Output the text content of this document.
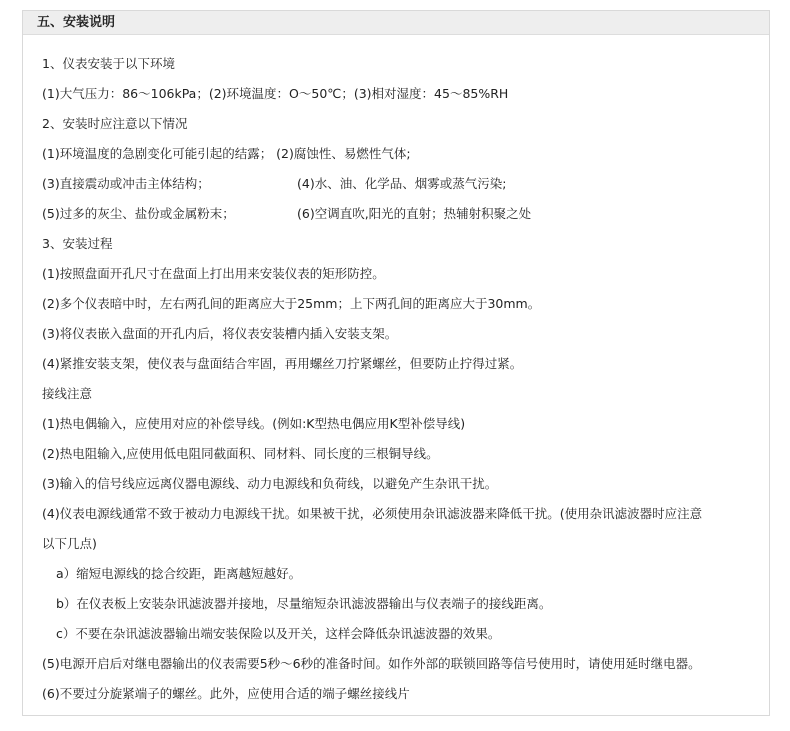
五、安装说明
1、仪表安装于以下环境
(1)大气压力：86～106kPa；(2)环境温度：O～50℃；(3)相对湿度：45～85%RH
2、安装时应注意以下情况
(1)环境温度的急剧变化可能引起的结露； (2)腐蚀性、易燃性气体;
(3)直接震动或冲击主体结构；	(4)水、油、化学品、烟雾或蒸气污染;
(5)过多的灰尘、盐份或金属粉末；	(6)空调直吹,阳光的直射；热辅射积聚之处
3、安装过程
(1)按照盘面开孔尺寸在盘面上打出用来安装仪表的矩形防控。
(2)多个仪表暗中时，左右两孔间的距离应大于25mm；上下两孔间的距离应大于30mm。
(3)将仪表嵌入盘面的开孔内后，将仪表安装槽内插入安装支架。
(4)紧推安装支架，使仪表与盘面结合牢固，再用螺丝刀拧紧螺丝，但要防止拧得过紧。
接线注意
(1)热电偶输入，应使用对应的补偿导线。(例如:K型热电偶应用K型补偿导线)
(2)热电阻输入,应使用低电阻同截面积、同材料、同长度的三根铜导线。
(3)输入的信号线应远离仪器电源线、动力电源线和负荷线，以避免产生杂讯干扰。
(4)仪表电源线通常不致于被动力电源线干扰。如果被干扰，必须使用杂讯滤波器来降低干扰。(使用杂讯滤波器时应注意
以下几点)
a）缩短电源线的捻合绞距，距离越短越好。
b）在仪表板上安装杂讯滤波器并接地，尽量缩短杂讯滤波器输出与仪表端子的接线距离。
c）不要在杂讯滤波器输出端安装保险以及开关，这样会降低杂讯滤波器的效果。
(5)电源开启后对继电器输出的仪表需要5秒～6秒的准备时间。如作外部的联锁回路等信号使用时，请使用延时继电器。
(6)不要过分旋紧端子的螺丝。此外，应使用合适的端子螺丝接线片
